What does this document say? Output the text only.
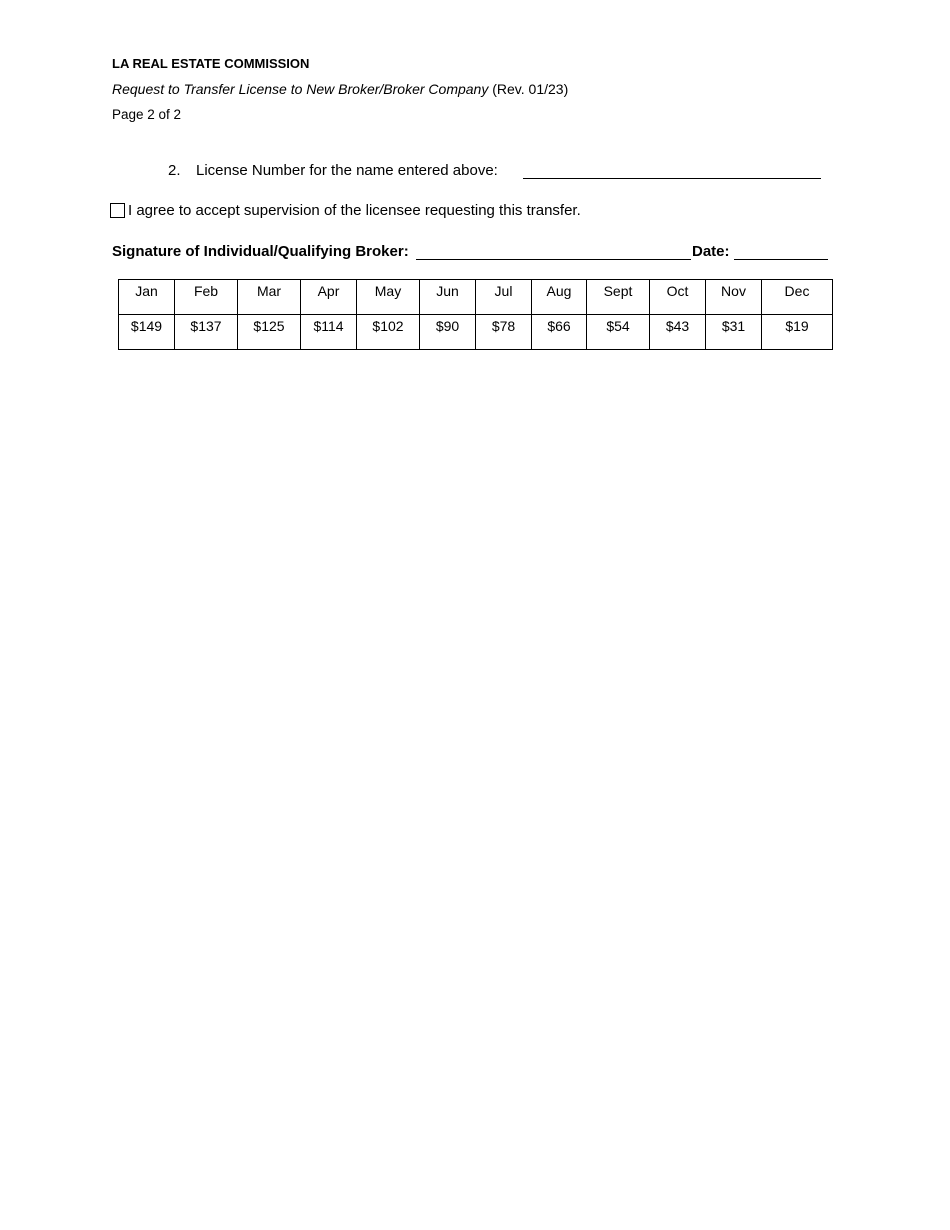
LA REAL ESTATE COMMISSION
Request to Transfer License to New Broker/Broker Company (Rev. 01/23)
Page 2 of 2
2.	License Number for the name entered above:
I agree to accept supervision of the licensee requesting this transfer.
Signature of Individual/Qualifying Broker:	Date:
Jan	Feb	Mar	Apr	May	Jun	Jul	Aug	Sept	Oct	Nov	Dec
$149	$137	$125	$114	$102	$90	$78	$66	$54	$43	$31	$19
